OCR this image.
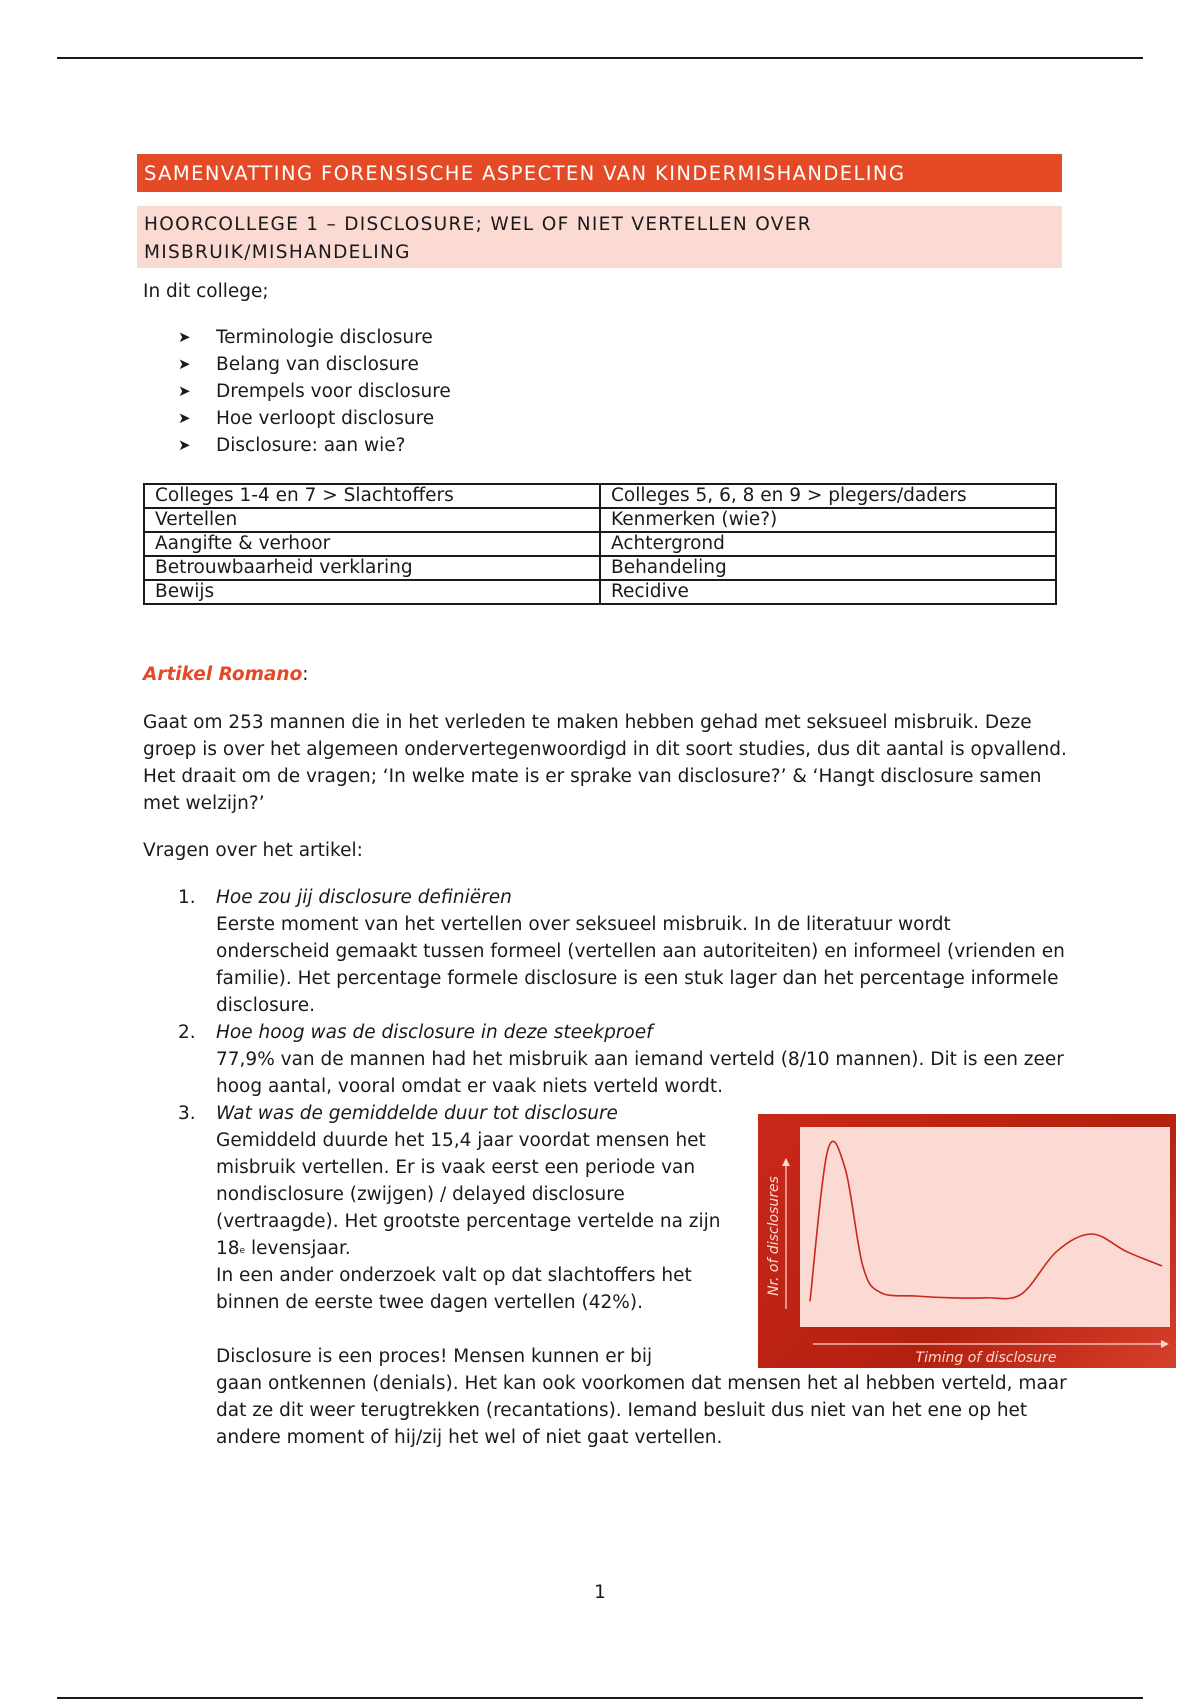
SAMENVATTING FORENSISCHE ASPECTEN VAN KINDERMISHANDELING
HOORCOLLEGE 1 – DISCLOSURE; WEL OF NIET VERTELLEN OVER
MISBRUIK/MISHANDELING
In dit college;
➤ Terminologie disclosure
➤ Belang van disclosure
➤ Drempels voor disclosure
➤ Hoe verloopt disclosure
➤ Disclosure: aan wie?
Colleges 1-4 en 7 > Slachtoffers	Colleges 5, 6, 8 en 9 > plegers/daders
Vertellen	Kenmerken (wie?)
Aangifte & verhoor	Achtergrond
Betrouwbaarheid verklaring	Behandeling
Bewijs	Recidive
Artikel Romano:
Gaat om 253 mannen die in het verleden te maken hebben gehad met seksueel misbruik. Deze groep is over het algemeen ondervertegenwoordigd in dit soort studies, dus dit aantal is opvallend. Het draait om de vragen; ‘In welke mate is er sprake van disclosure?’ & ‘Hangt disclosure samen met welzijn?’
Vragen over het artikel:
1. Hoe zou jij disclosure definiëren
Eerste moment van het vertellen over seksueel misbruik. In de literatuur wordt onderscheid gemaakt tussen formeel (vertellen aan autoriteiten) en informeel (vrienden en familie). Het percentage formele disclosure is een stuk lager dan het percentage informele disclosure.
2. Hoe hoog was de disclosure in deze steekproef
77,9% van de mannen had het misbruik aan iemand verteld (8/10 mannen). Dit is een zeer hoog aantal, vooral omdat er vaak niets verteld wordt.
3. Wat was de gemiddelde duur tot disclosure
Gemiddeld duurde het 15,4 jaar voordat mensen het misbruik vertellen. Er is vaak eerst een periode van nondisclosure (zwijgen) / delayed disclosure (vertraagde). Het grootste percentage vertelde na zijn 18e levensjaar.
In een ander onderzoek valt op dat slachtoffers het binnen de eerste twee dagen vertellen (42%).
Disclosure is een proces! Mensen kunnen er bij
gaan ontkennen (denials). Het kan ook voorkomen dat mensen het al hebben verteld, maar dat ze dit weer terugtrekken (recantations). Iemand besluit dus niet van het ene op het andere moment of hij/zij het wel of niet gaat vertellen.
Timing of disclosure
Nr. of disclosures
1
